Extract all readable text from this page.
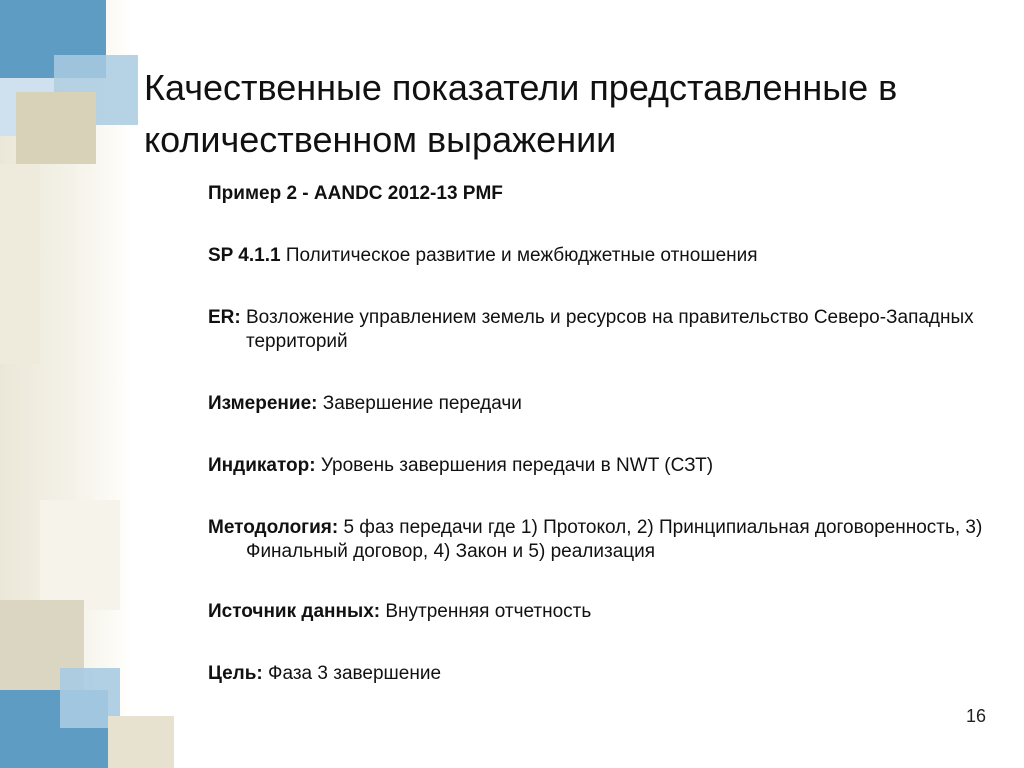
Качественные показатели представленные в количественном выражении
Пример 2 - AANDC 2012-13 PMF
SP 4.1.1 Политическое развитие и межбюджетные отношения
ER: Возложение управлением земель и ресурсов на правительство Северо-Западных территорий
Измерение: Завершение передачи
Индикатор: Уровень завершения передачи в NWT (СЗТ)
Методология: 5 фаз передачи где 1) Протокол, 2) Принципиальная договоренность, 3) Финальный договор, 4) Закон и 5) реализация
Источник данных: Внутренняя отчетность
Цель: Фаза 3 завершение
16
